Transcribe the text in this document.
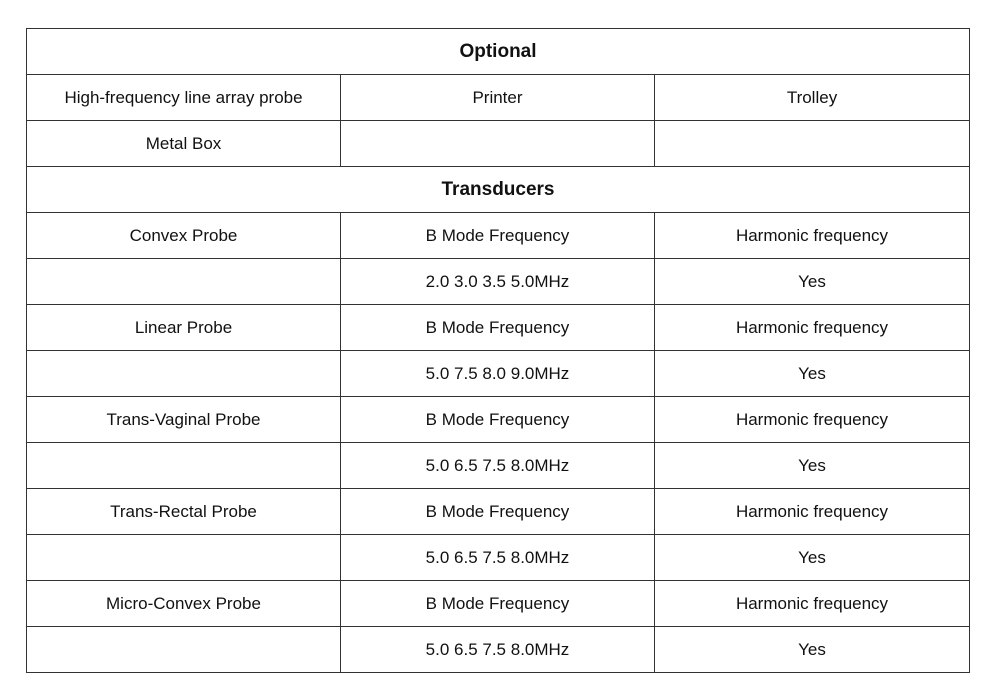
Optional		
High-frequency line array probe	Printer	Trolley
Metal Box		
Transducers		
Convex Probe	B Mode Frequency	Harmonic frequency
	2.0 3.0 3.5 5.0MHz	Yes
Linear Probe	B Mode Frequency	Harmonic frequency
	5.0 7.5 8.0 9.0MHz	Yes
Trans-Vaginal Probe	B Mode Frequency	Harmonic frequency
	5.0 6.5 7.5 8.0MHz	Yes
Trans-Rectal Probe	B Mode Frequency	Harmonic frequency
	5.0 6.5 7.5 8.0MHz	Yes
Micro-Convex Probe	B Mode Frequency	Harmonic frequency
	5.0 6.5 7.5 8.0MHz	Yes
